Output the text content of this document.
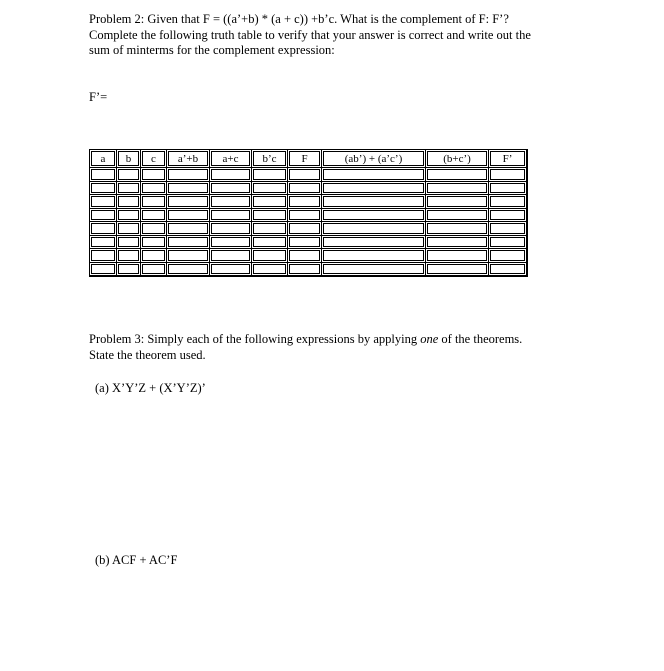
Problem 2: Given that F = ((a’+b) * (a + c)) +b’c. What is the complement of F: F’?
Complete the following truth table to verify that your answer is correct and write out the
sum of minterms for the complement expression:
F’=
a	b	c	a’+b	a+c	b’c	F	(ab’) + (a’c’)	(b+c’)	F’

Problem 3: Simply each of the following expressions by applying one of the theorems.
State the theorem used.
(a) X’Y’Z + (X’Y’Z)’
(b) ACF + AC’F
